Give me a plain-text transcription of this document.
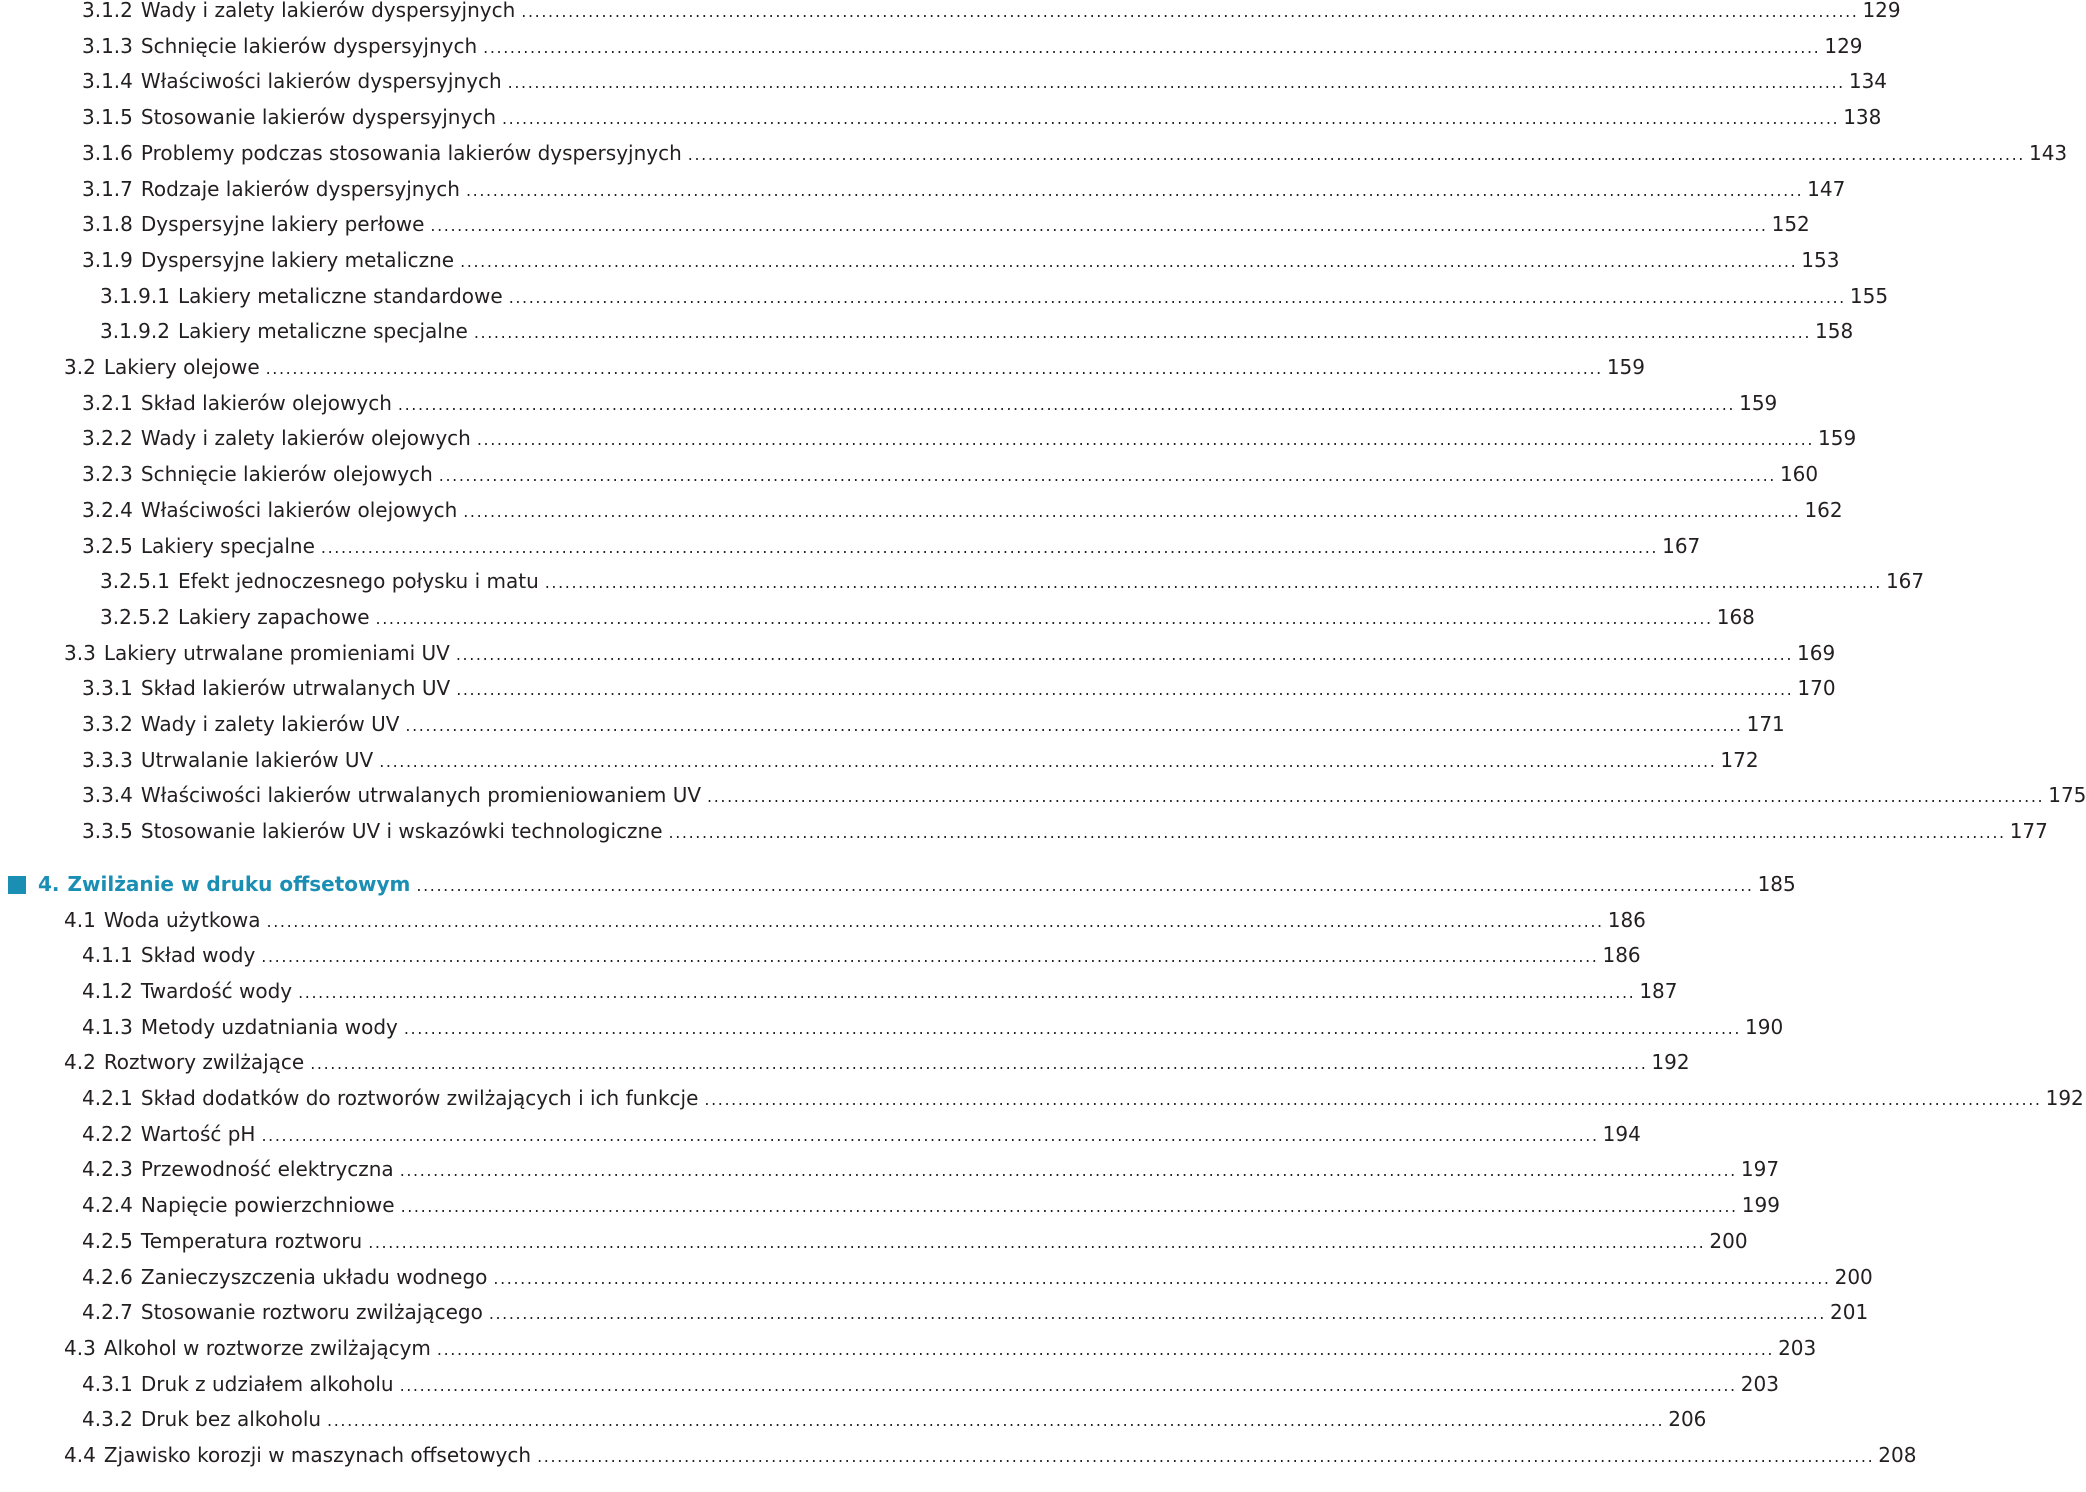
3.1.2 Wady i zalety lakierów dyspersyjnych ........................................................................................................................................................................................................ 129
3.1.3 Schnięcie lakierów dyspersyjnych ........................................................................................................................................................................................................ 129
3.1.4 Właściwości lakierów dyspersyjnych ........................................................................................................................................................................................................ 134
3.1.5 Stosowanie lakierów dyspersyjnych ........................................................................................................................................................................................................ 138
3.1.6 Problemy podczas stosowania lakierów dyspersyjnych ........................................................................................................................................................................................................ 143
3.1.7 Rodzaje lakierów dyspersyjnych ........................................................................................................................................................................................................ 147
3.1.8 Dyspersyjne lakiery perłowe ........................................................................................................................................................................................................ 152
3.1.9 Dyspersyjne lakiery metaliczne ........................................................................................................................................................................................................ 153
3.1.9.1 Lakiery metaliczne standardowe ........................................................................................................................................................................................................ 155
3.1.9.2 Lakiery metaliczne specjalne ........................................................................................................................................................................................................ 158
3.2 Lakiery olejowe ........................................................................................................................................................................................................ 159
3.2.1 Skład lakierów olejowych ........................................................................................................................................................................................................ 159
3.2.2 Wady i zalety lakierów olejowych ........................................................................................................................................................................................................ 159
3.2.3 Schnięcie lakierów olejowych ........................................................................................................................................................................................................ 160
3.2.4 Właściwości lakierów olejowych ........................................................................................................................................................................................................ 162
3.2.5 Lakiery specjalne ........................................................................................................................................................................................................ 167
3.2.5.1 Efekt jednoczesnego połysku i matu ........................................................................................................................................................................................................ 167
3.2.5.2 Lakiery zapachowe ........................................................................................................................................................................................................ 168
3.3 Lakiery utrwalane promieniami UV ........................................................................................................................................................................................................ 169
3.3.1 Skład lakierów utrwalanych UV ........................................................................................................................................................................................................ 170
3.3.2 Wady i zalety lakierów UV ........................................................................................................................................................................................................ 171
3.3.3 Utrwalanie lakierów UV ........................................................................................................................................................................................................ 172
3.3.4 Właściwości lakierów utrwalanych promieniowaniem UV ........................................................................................................................................................................................................ 175
3.3.5 Stosowanie lakierów UV i wskazówki technologiczne ........................................................................................................................................................................................................ 177
4. Zwilżanie w druku offsetowym ........................................................................................................................................................................................................ 185
4.1 Woda użytkowa ........................................................................................................................................................................................................ 186
4.1.1 Skład wody ........................................................................................................................................................................................................ 186
4.1.2 Twardość wody ........................................................................................................................................................................................................ 187
4.1.3 Metody uzdatniania wody ........................................................................................................................................................................................................ 190
4.2 Roztwory zwilżające ........................................................................................................................................................................................................ 192
4.2.1 Skład dodatków do roztworów zwilżających i ich funkcje ........................................................................................................................................................................................................ 192
4.2.2 Wartość pH ........................................................................................................................................................................................................ 194
4.2.3 Przewodność elektryczna ........................................................................................................................................................................................................ 197
4.2.4 Napięcie powierzchniowe ........................................................................................................................................................................................................ 199
4.2.5 Temperatura roztworu ........................................................................................................................................................................................................ 200
4.2.6 Zanieczyszczenia układu wodnego ........................................................................................................................................................................................................ 200
4.2.7 Stosowanie roztworu zwilżającego ........................................................................................................................................................................................................ 201
4.3 Alkohol w roztworze zwilżającym ........................................................................................................................................................................................................ 203
4.3.1 Druk z udziałem alkoholu ........................................................................................................................................................................................................ 203
4.3.2 Druk bez alkoholu ........................................................................................................................................................................................................ 206
4.4 Zjawisko korozji w maszynach offsetowych ........................................................................................................................................................................................................ 208
